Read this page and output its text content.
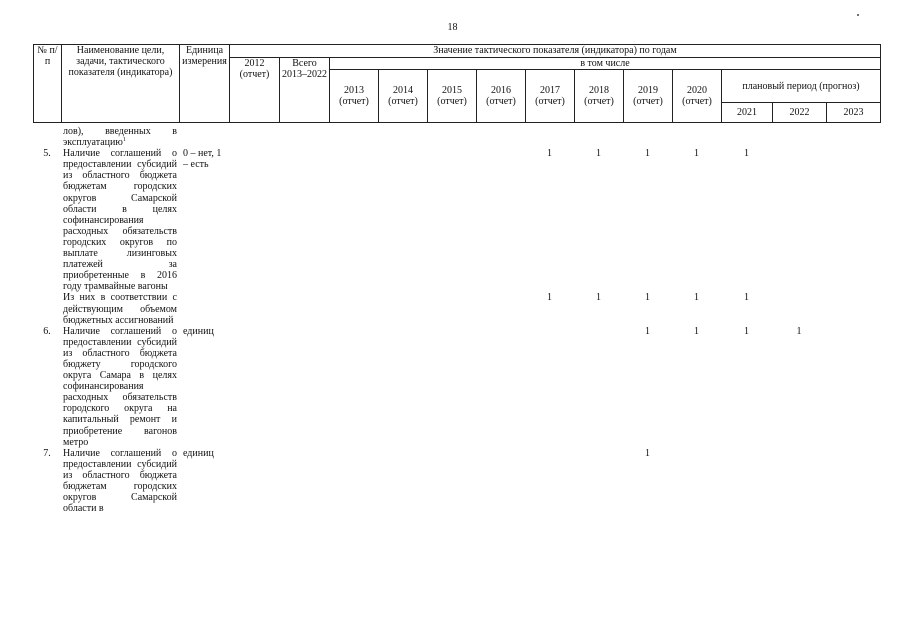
18
№ п/п	Наименование цели, задачи, тактического показателя (индикатора)	Единица измерения	Значение тактического показателя (индикатора) по годам												
			2012 (отчет)	Всего 2013–2022	в том числе										
					2013 (отчет)	2014 (отчет)	2015 (отчет)	2016 (отчет)	2017 (отчет)	2018 (отчет)	2019 (отчет)	2020 (отчет)	плановый период (прогноз)		
													2021	2022	2023
	лов), введенных в эксплуатацию$^1$														
5.	Наличие соглашений о предоставлении субсидий из областного бюджета бюджетам городских округов Самарской области в целях софинансирования расходных обязательств городских округов по выплате лизинговых платежей за приобретенные в 2016 году трамвайные вагоны	0 – нет, 1 – есть							1	1	1	1	1		
	Из них в соответствии с действующим объемом бюджетных ассигнований								1	1	1	1	1		
6.	Наличие соглашений о предоставлении субсидий из областного бюджета бюджету городского округа Самара в целях софинансирования расходных обязательств городского округа на капитальный ремонт и приобретение вагонов метро	единиц									1	1	1	1	
7.	Наличие соглашений о предоставлении субсидий из областного бюджета бюджетам городских округов Самарской области в	единиц									1				
